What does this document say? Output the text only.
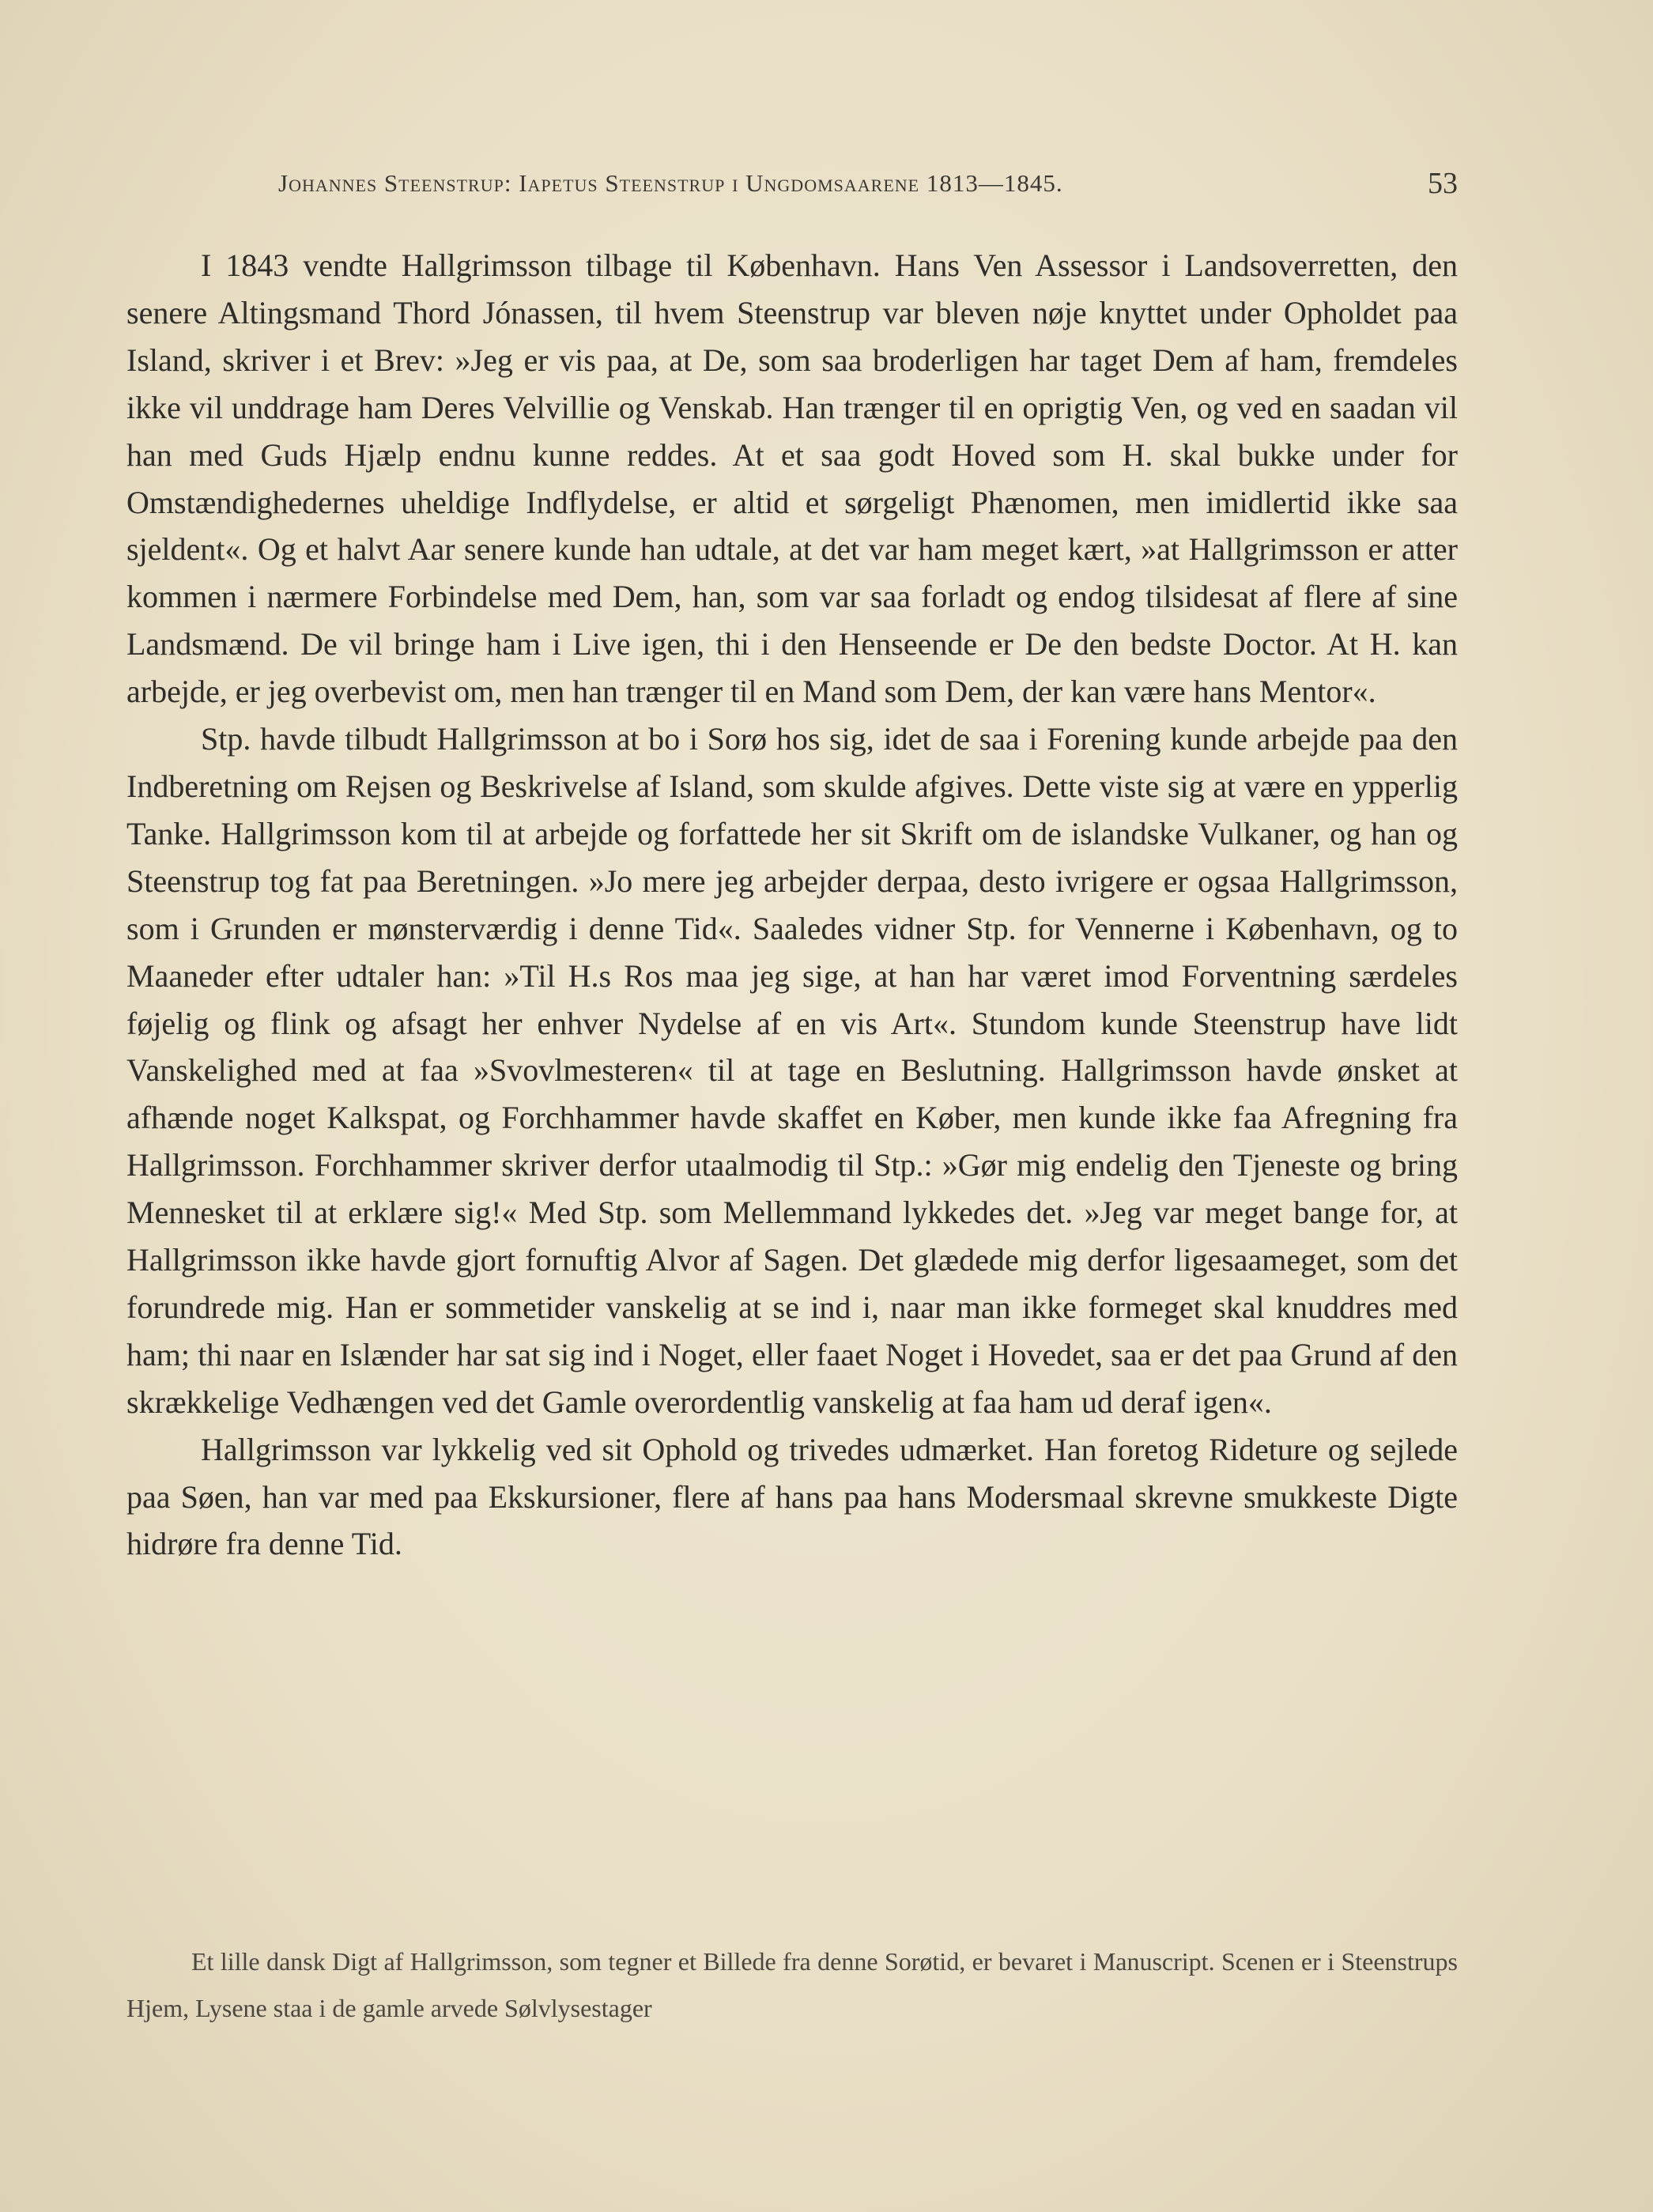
Johannes Steenstrup: Iapetus Steenstrup i Ungdomsaarene 1813—1845.	53

I 1843 vendte Hallgrimsson tilbage til København. Hans Ven Assessor i Landsoverretten, den senere Altingsmand Thord Jónassen, til hvem Steenstrup var bleven nøje knyttet under Opholdet paa Island, skriver i et Brev: »Jeg er vis paa, at De, som saa broderligen har taget Dem af ham, fremdeles ikke vil unddrage ham Deres Velvillie og Venskab. Han trænger til en oprigtig Ven, og ved en saadan vil han med Guds Hjælp endnu kunne reddes. At et saa godt Hoved som H. skal bukke under for Omstændighedernes uheldige Indflydelse, er altid et sørgeligt Phænomen, men imidlertid ikke saa sjeldent«. Og et halvt Aar senere kunde han udtale, at det var ham meget kært, »at Hallgrimsson er atter kommen i nærmere Forbindelse med Dem, han, som var saa forladt og endog tilsidesat af flere af sine Landsmænd. De vil bringe ham i Live igen, thi i den Henseende er De den bedste Doctor. At H. kan arbejde, er jeg overbevist om, men han trænger til en Mand som Dem, der kan være hans Mentor«.

Stp. havde tilbudt Hallgrimsson at bo i Sorø hos sig, idet de saa i Forening kunde arbejde paa den Indberetning om Rejsen og Beskrivelse af Island, som skulde afgives. Dette viste sig at være en ypperlig Tanke. Hallgrimsson kom til at arbejde og forfattede her sit Skrift om de islandske Vulkaner, og han og Steenstrup tog fat paa Beretningen. »Jo mere jeg arbejder derpaa, desto ivrigere er ogsaa Hallgrimsson, som i Grunden er mønsterværdig i denne Tid«. Saaledes vidner Stp. for Vennerne i København, og to Maaneder efter udtaler han: »Til H.s Ros maa jeg sige, at han har været imod Forventning særdeles føjelig og flink og afsagt her enhver Nydelse af en vis Art«. Stundom kunde Steenstrup have lidt Vanskelighed med at faa »Svovlmesteren« til at tage en Beslutning. Hallgrimsson havde ønsket at afhænde noget Kalkspat, og Forchhammer havde skaffet en Køber, men kunde ikke faa Afregning fra Hallgrimsson. Forchhammer skriver derfor utaalmodig til Stp.: »Gør mig endelig den Tjeneste og bring Mennesket til at erklære sig!« Med Stp. som Mellemmand lykkedes det. »Jeg var meget bange for, at Hallgrimsson ikke havde gjort fornuftig Alvor af Sagen. Det glædede mig derfor ligesaameget, som det forundrede mig. Han er sommetider vanskelig at se ind i, naar man ikke formeget skal knuddres med ham; thi naar en Islænder har sat sig ind i Noget, eller faaet Noget i Hovedet, saa er det paa Grund af den skrækkelige Vedhængen ved det Gamle overordentlig vanskelig at faa ham ud deraf igen«.

Hallgrimsson var lykkelig ved sit Ophold og trivedes udmærket. Han foretog Rideture og sejlede paa Søen, han var med paa Ekskursioner, flere af hans paa hans Modersmaal skrevne smukkeste Digte hidrøre fra denne Tid.

Et lille dansk Digt af Hallgrimsson, som tegner et Billede fra denne Sorøtid, er bevaret i Manuscript. Scenen er i Steenstrups Hjem, Lysene staa i de gamle arvede Sølvlysestager
